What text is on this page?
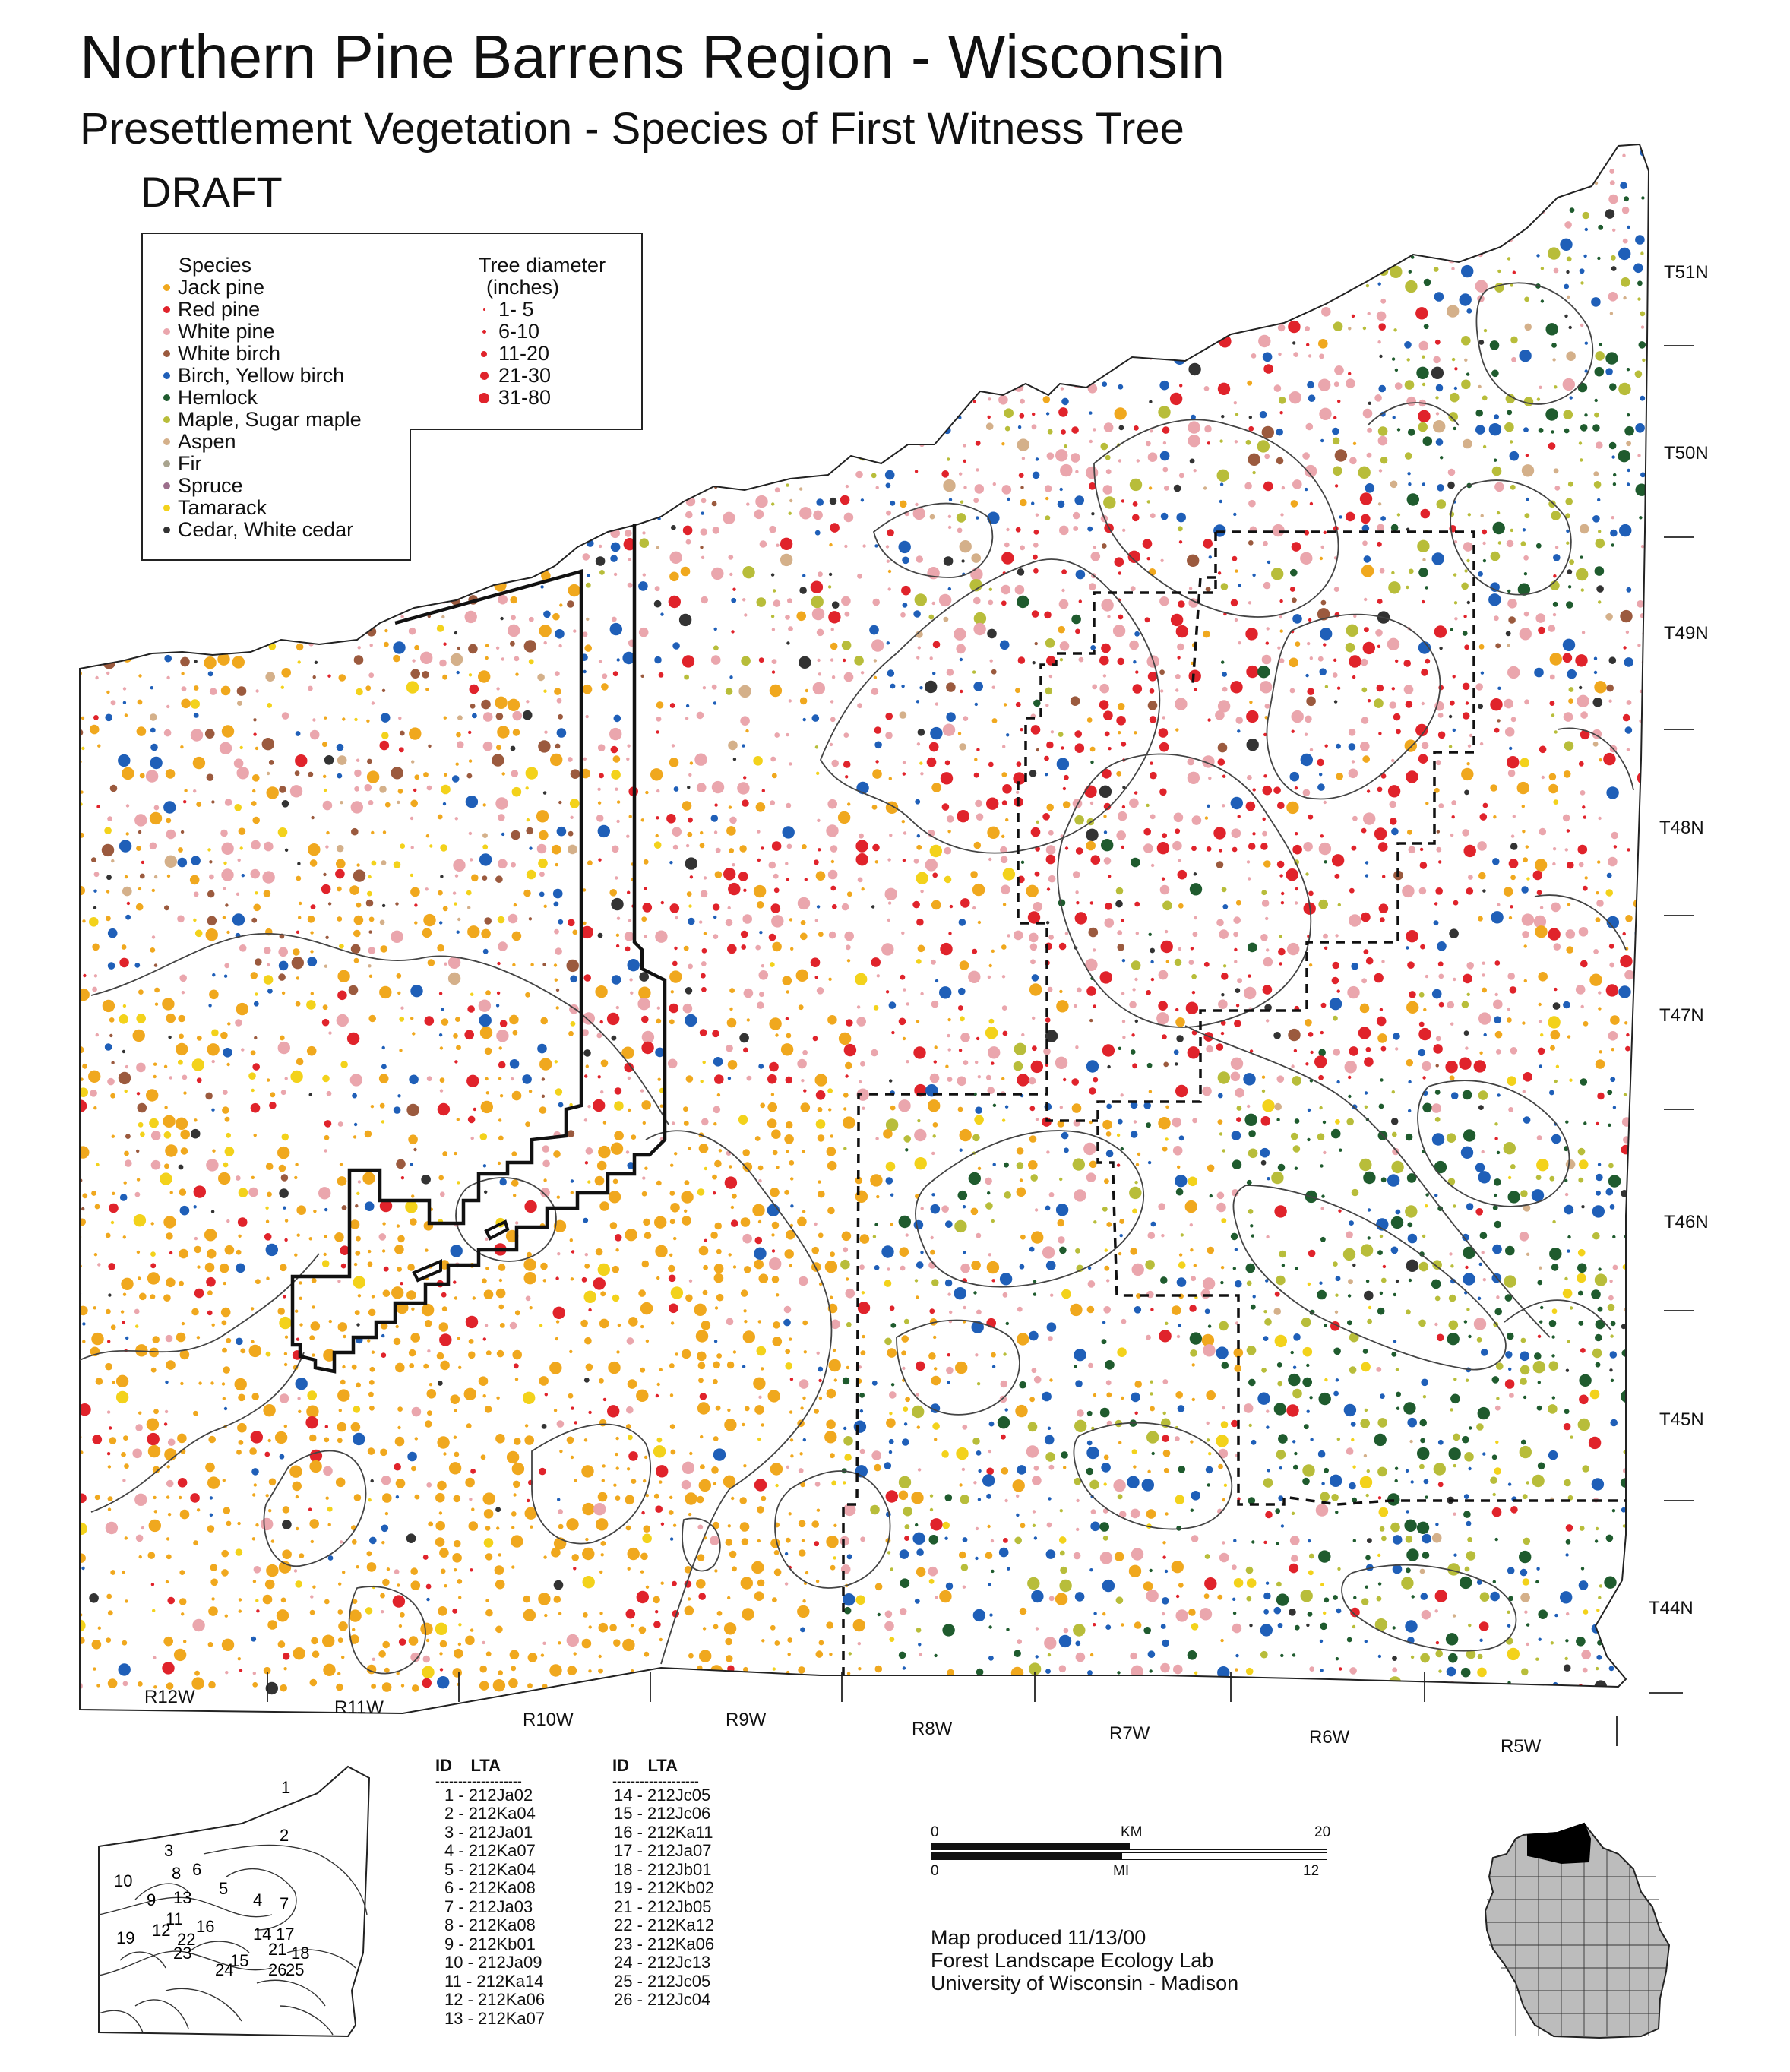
Northern Pine Barrens Region - Wisconsin
Presettlement Vegetation - Species of First Witness Tree
DRAFT
Species
Jack pine
Red pine
White pine
White birch
Birch, Yellow birch
Hemlock
Maple, Sugar maple
Aspen
Fir
Spruce
Tamarack
Cedar, White cedar
Tree diameter
(inches)
1- 5
6-10
11-20
21-30
31-80
T51N
T50N
T49N
T48N
T47N
T46N
T45N
T44N
R12W
R11W
R10W	R9W	R8W	R7W	R6W	R5W
1
2
3
4
5
6
7
8
9
10
11
12
13
14
15
16	17
18
19
21
22
23
24	25
26
ID LTA
-------------------
1 - 212Ja02
2 - 212Ka04
3 - 212Ja01
4 - 212Ka07
5 - 212Ka04
6 - 212Ka08
7 - 212Ja03
8 - 212Ka08
9 - 212Kb01
10 - 212Ja09
11 - 212Ka14
12 - 212Ka06
13 - 212Ka07
ID LTA
-------------------
14 - 212Jc05
15 - 212Jc06
16 - 212Ka11
17 - 212Ja07
18 - 212Jb01
19 - 212Kb02
21 - 212Jb05
22 - 212Ka12
23 - 212Ka06
24 - 212Jc13
25 - 212Jc05
26 - 212Jc04
0	KM	20
0	MI	12
Map produced 11/13/00
Forest Landscape Ecology Lab
University of Wisconsin - Madison
